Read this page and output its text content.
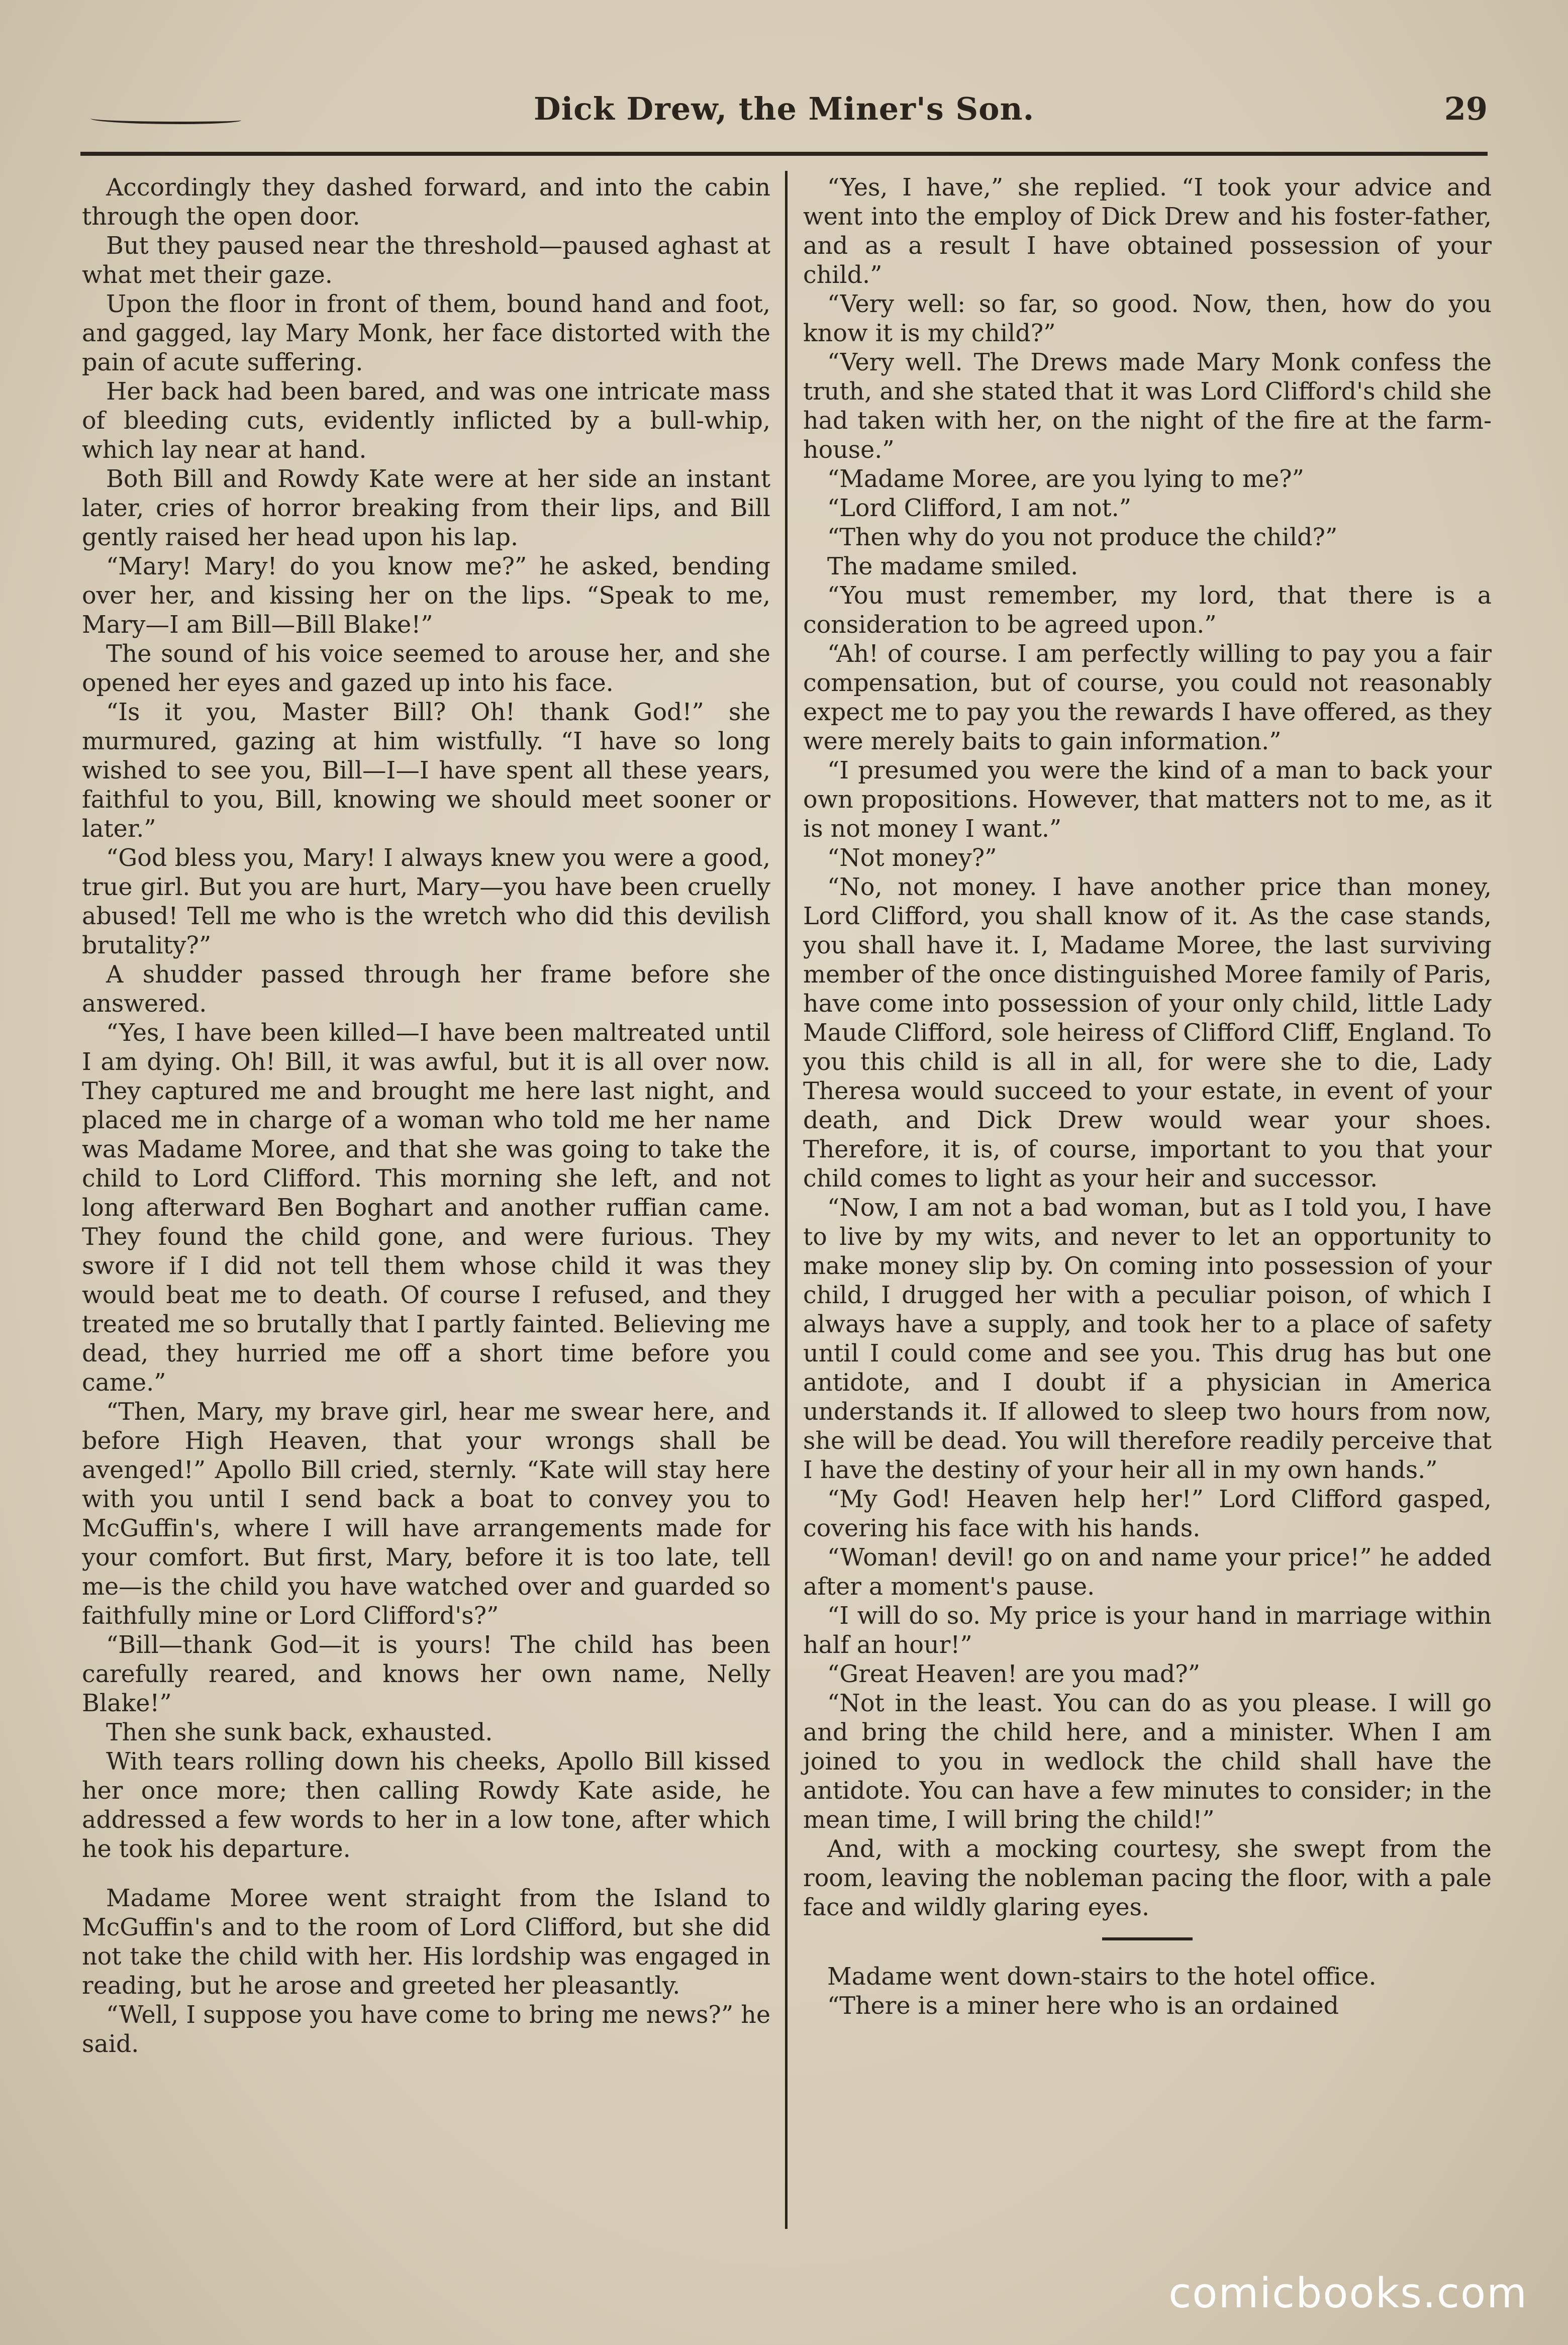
Dick Drew, the Miner's Son.	29

Accordingly they dashed forward, and into the cabin through the open door.

But they paused near the threshold—paused aghast at what met their gaze.

Upon the floor in front of them, bound hand and foot, and gagged, lay Mary Monk, her face distorted with the pain of acute suffering.

Her back had been bared, and was one intricate mass of bleeding cuts, evidently inflicted by a bull-whip, which lay near at hand.

Both Bill and Rowdy Kate were at her side an instant later, cries of horror breaking from their lips, and Bill gently raised her head upon his lap.

“Mary! Mary! do you know me?” he asked, bending over her, and kissing her on the lips. “Speak to me, Mary—I am Bill—Bill Blake!”

The sound of his voice seemed to arouse her, and she opened her eyes and gazed up into his face.

“Is it you, Master Bill? Oh! thank God!” she murmured, gazing at him wistfully. “I have so long wished to see you, Bill—I—I have spent all these years, faithful to you, Bill, knowing we should meet sooner or later.”

“God bless you, Mary! I always knew you were a good, true girl. But you are hurt, Mary—you have been cruelly abused! Tell me who is the wretch who did this devilish brutality?”

A shudder passed through her frame before she answered.

“Yes, I have been killed—I have been maltreated until I am dying. Oh! Bill, it was awful, but it is all over now. They captured me and brought me here last night, and placed me in charge of a woman who told me her name was Madame Moree, and that she was going to take the child to Lord Clifford. This morning she left, and not long afterward Ben Boghart and another ruffian came. They found the child gone, and were furious. They swore if I did not tell them whose child it was they would beat me to death. Of course I refused, and they treated me so brutally that I partly fainted. Believing me dead, they hurried me off a short time before you came.”

“Then, Mary, my brave girl, hear me swear here, and before High Heaven, that your wrongs shall be avenged!” Apollo Bill cried, sternly. “Kate will stay here with you until I send back a boat to convey you to McGuffin's, where I will have arrangements made for your comfort. But first, Mary, before it is too late, tell me—is the child you have watched over and guarded so faithfully mine or Lord Clifford's?”

“Bill—thank God—it is yours! The child has been carefully reared, and knows her own name, Nelly Blake!”

Then she sunk back, exhausted.

With tears rolling down his cheeks, Apollo Bill kissed her once more; then calling Rowdy Kate aside, he addressed a few words to her in a low tone, after which he took his departure.

Madame Moree went straight from the Island to McGuffin's and to the room of Lord Clifford, but she did not take the child with her. His lordship was engaged in reading, but he arose and greeted her pleasantly.

“Well, I suppose you have come to bring me news?” he said.

“Yes, I have,” she replied. “I took your advice and went into the employ of Dick Drew and his foster-father, and as a result I have obtained possession of your child.”

“Very well: so far, so good. Now, then, how do you know it is my child?”

“Very well. The Drews made Mary Monk confess the truth, and she stated that it was Lord Clifford's child she had taken with her, on the night of the fire at the farm-house.”

“Madame Moree, are you lying to me?”

“Lord Clifford, I am not.”

“Then why do you not produce the child?”

The madame smiled.

“You must remember, my lord, that there is a consideration to be agreed upon.”

“Ah! of course. I am perfectly willing to pay you a fair compensation, but of course, you could not reasonably expect me to pay you the rewards I have offered, as they were merely baits to gain information.”

“I presumed you were the kind of a man to back your own propositions. However, that matters not to me, as it is not money I want.”

“Not money?”

“No, not money. I have another price than money, Lord Clifford, you shall know of it. As the case stands, you shall have it. I, Madame Moree, the last surviving member of the once distinguished Moree family of Paris, have come into possession of your only child, little Lady Maude Clifford, sole heiress of Clifford Cliff, England. To you this child is all in all, for were she to die, Lady Theresa would succeed to your estate, in event of your death, and Dick Drew would wear your shoes. Therefore, it is, of course, important to you that your child comes to light as your heir and successor.

“Now, I am not a bad woman, but as I told you, I have to live by my wits, and never to let an opportunity to make money slip by. On coming into possession of your child, I drugged her with a peculiar poison, of which I always have a supply, and took her to a place of safety until I could come and see you. This drug has but one antidote, and I doubt if a physician in America understands it. If allowed to sleep two hours from now, she will be dead. You will therefore readily perceive that I have the destiny of your heir all in my own hands.”

“My God! Heaven help her!” Lord Clifford gasped, covering his face with his hands.

“Woman! devil! go on and name your price!” he added after a moment's pause.

“I will do so. My price is your hand in marriage within half an hour!”

“Great Heaven! are you mad?”

“Not in the least. You can do as you please. I will go and bring the child here, and a minister. When I am joined to you in wedlock the child shall have the antidote. You can have a few minutes to consider; in the mean time, I will bring the child!”

And, with a mocking courtesy, she swept from the room, leaving the nobleman pacing the floor, with a pale face and wildly glaring eyes.

Madame went down-stairs to the hotel office.

“There is a miner here who is an ordained

comicbooks.com
